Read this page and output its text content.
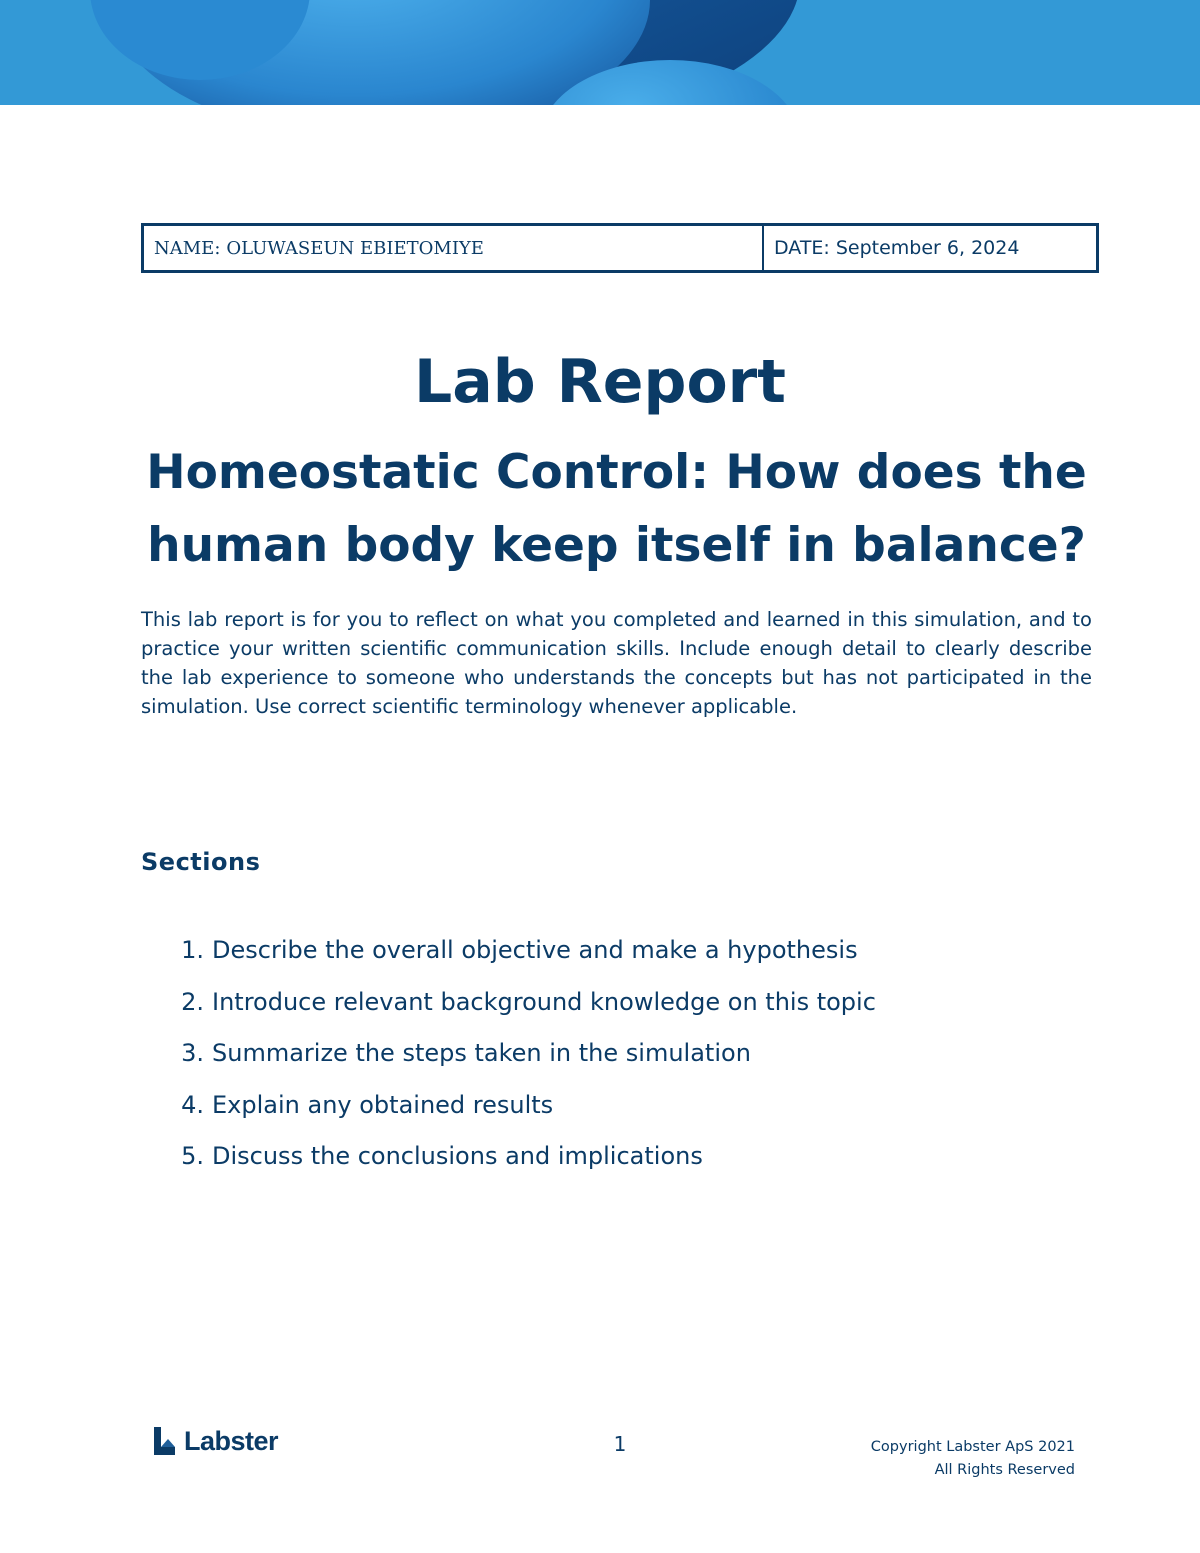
NAME: OLUWASEUN EBIETOMIYE	DATE: September 6, 2024
Lab Report
Homeostatic Control: How does the human body keep itself in balance?

This lab report is for you to reflect on what you completed and learned in this simulation, and to practice your written scientific communication skills. Include enough detail to clearly describe the lab experience to someone who understands the concepts but has not participated in the simulation. Use correct scientific terminology whenever applicable.

Sections
1. Describe the overall objective and make a hypothesis
2. Introduce relevant background knowledge on this topic
3. Summarize the steps taken in the simulation
4. Explain any obtained results
5. Discuss the conclusions and implications
Labster	1	Copyright Labster ApS 2021
All Rights Reserved
